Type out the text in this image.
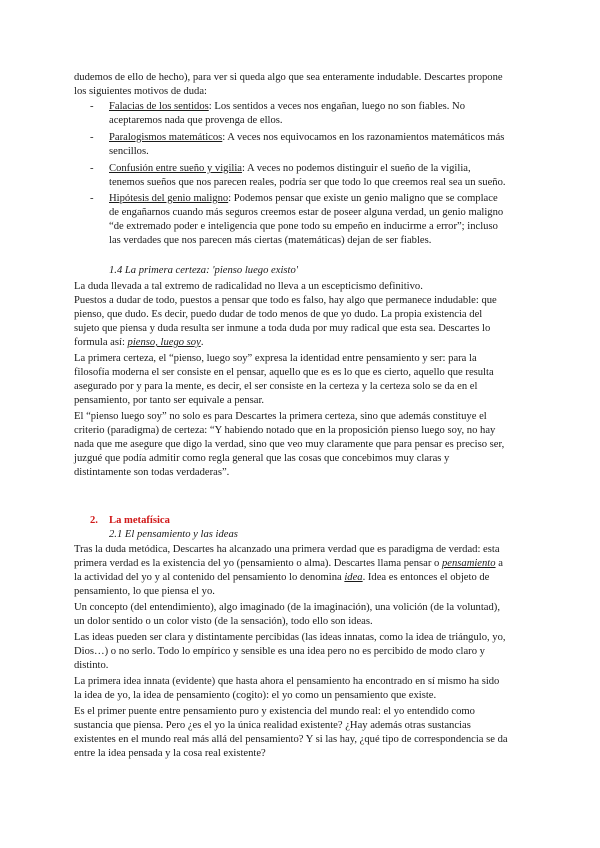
dudemos de ello de hecho), para ver si queda algo que sea enteramente indudable. Descartes propone
los siguientes motivos de duda:
- Falacias de los sentidos: Los sentidos a veces nos engañan, luego no son fiables. No
aceptaremos nada que provenga de ellos.
- Paralogismos matemáticos: A veces nos equivocamos en los razonamientos matemáticos más
sencillos.
- Confusión entre sueño y vigilia: A veces no podemos distinguir el sueño de la vigilia,
tenemos sueños que nos parecen reales, podría ser que todo lo que creemos real sea un sueño.
- Hipótesis del genio maligno: Podemos pensar que existe un genio maligno que se complace
de engañarnos cuando más seguros creemos estar de poseer alguna verdad, un genio maligno
“de extremado poder e inteligencia que pone todo su empeño en inducirme a error”; incluso
las verdades que nos parecen más ciertas (matemáticas) dejan de ser fiables.
1.4 La primera certeza: 'pienso luego existo'
La duda llevada a tal extremo de radicalidad no lleva a un escepticismo definitivo.
Puestos a dudar de todo, puestos a pensar que todo es falso, hay algo que permanece indudable: que
pienso, que dudo. Es decir, puedo dudar de todo menos de que yo dudo. La propia existencia del
sujeto que piensa y duda resulta ser inmune a toda duda por muy radical que esta sea. Descartes lo
formula así: pienso, luego soy.
La primera certeza, el “pienso, luego soy” expresa la identidad entre pensamiento y ser: para la
filosofía moderna el ser consiste en el pensar, aquello que es es lo que es cierto, aquello que resulta
asegurado por y para la mente, es decir, el ser consiste en la certeza y la certeza solo se da en el
pensamiento, por tanto ser equivale a pensar.
El “pienso luego soy” no solo es para Descartes la primera certeza, sino que además constituye el
criterio (paradigma) de certeza: “Y habiendo notado que en la proposición pienso luego soy, no hay
nada que me asegure que digo la verdad, sino que veo muy claramente que para pensar es preciso ser,
juzgué que podía admitir como regla general que las cosas que concebimos muy claras y
distintamente son todas verdaderas”.
2. La metafísica
2.1 El pensamiento y las ideas
Tras la duda metódica, Descartes ha alcanzado una primera verdad que es paradigma de verdad: esta
primera verdad es la existencia del yo (pensamiento o alma). Descartes llama pensar o pensamiento a
la actividad del yo y al contenido del pensamiento lo denomina idea. Idea es entonces el objeto de
pensamiento, lo que piensa el yo.
Un concepto (del entendimiento), algo imaginado (de la imaginación), una volición (de la voluntad),
un dolor sentido o un color visto (de la sensación), todo ello son ideas.
Las ideas pueden ser clara y distintamente percibidas (las ideas innatas, como la idea de triángulo, yo,
Dios…) o no serlo. Todo lo empírico y sensible es una idea pero no es percibido de modo claro y
distinto.
La primera idea innata (evidente) que hasta ahora el pensamiento ha encontrado en sí mismo ha sido
la idea de yo, la idea de pensamiento (cogito): el yo como un pensamiento que existe.
Es el primer puente entre pensamiento puro y existencia del mundo real: el yo entendido como
sustancia que piensa. Pero ¿es el yo la única realidad existente? ¿Hay además otras sustancias
existentes en el mundo real más allá del pensamiento? Y si las hay, ¿qué tipo de correspondencia se da
entre la idea pensada y la cosa real existente?
